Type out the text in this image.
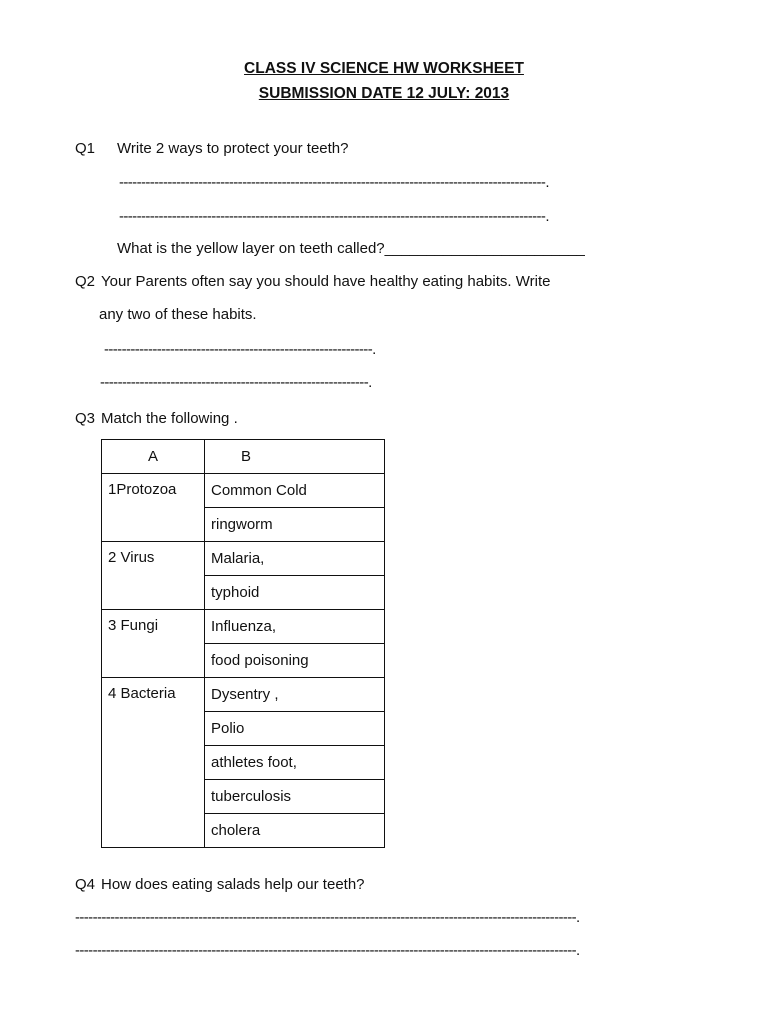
CLASS IV SCIENCE HW WORKSHEET
SUBMISSION DATE 12 JULY: 2013
Q1 Write 2 ways to protect your teeth?
-------------------------------------------------------------------------------------------------.
-------------------------------------------------------------------------------------------------.
What is the yellow layer on teeth called?________________________
Q2 Your Parents often say you should have healthy eating habits. Write
any two of these habits.
-------------------------------------------------------------.
-------------------------------------------------------------.
Q3 Match the following .
A	B
1Protozoa	Common Cold
	ringworm
2 Virus	Malaria,
	typhoid
3 Fungi	Influenza,
	food poisoning
4 Bacteria	Dysentry ,
	Polio
	athletes foot,
	tuberculosis
	cholera
Q4 How does eating salads help our teeth?
------------------------------------------------------------------------------------------------------------------.
------------------------------------------------------------------------------------------------------------------.
